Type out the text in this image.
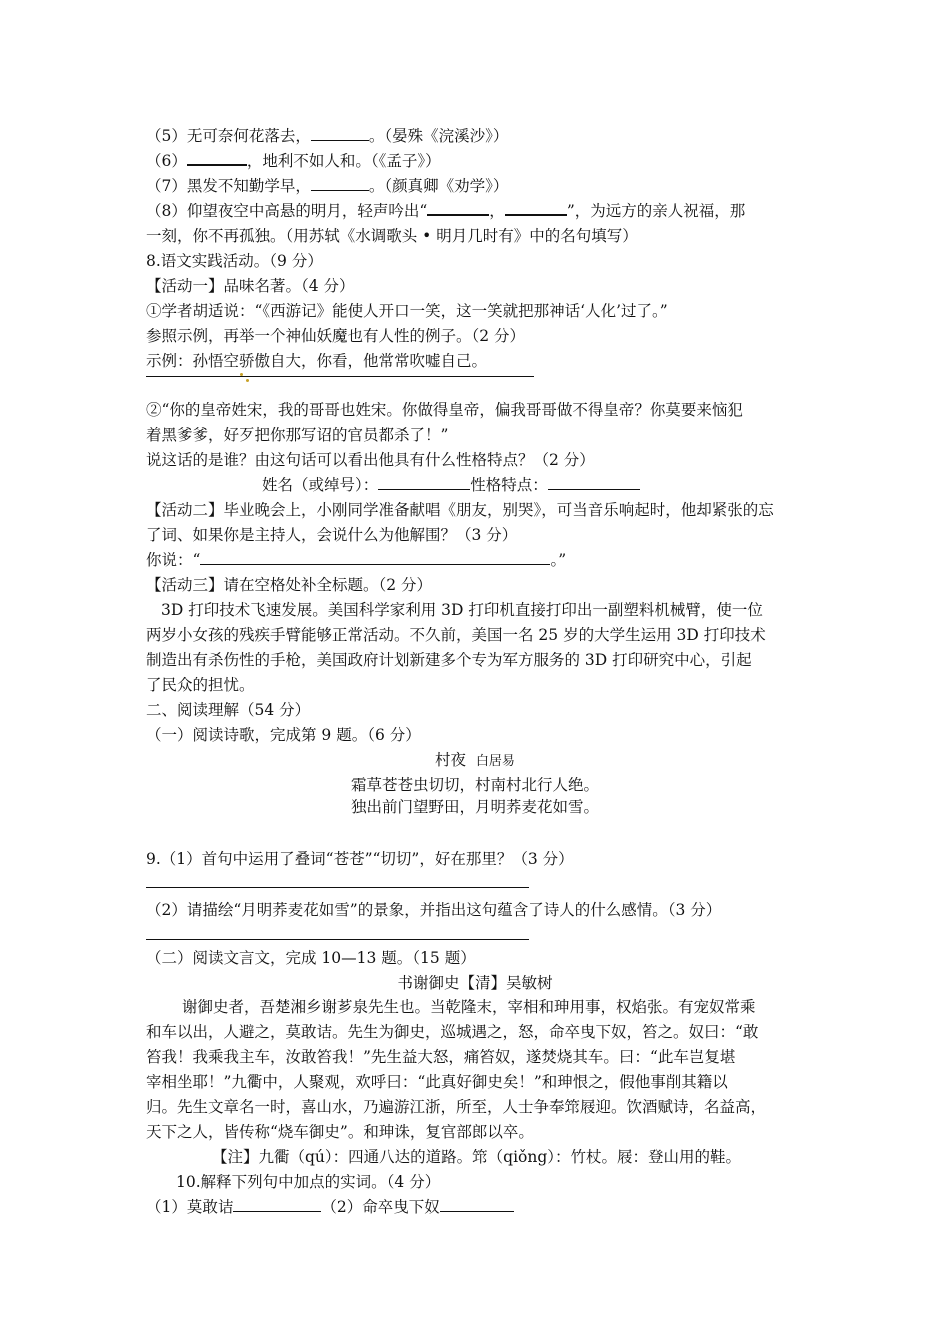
（5）无可奈何花落去，	。（晏殊《浣溪沙》）
（6）	，地利不如人和。（《孟子》）
（7）黑发不知勤学早，	。（颜真卿《劝学》）
（8）仰望夜空中高悬的明月，轻声吟出“	，	”，为远方的亲人祝福，那
一刻，你不再孤独。（用苏轼《水调歌头 • 明月几时有》中的名句填写）
8.语文实践活动。（9 分）
【活动一】品味名著。（4 分）
①学者胡适说：“《西游记》能使人开口一笑，这一笑就把那神话‘人化’过了。”
参照示例，再举一个神仙妖魔也有人性的例子。（2 分）
示例：孙悟空骄傲自大，你看，他常常吹嘘自己。
②“你的皇帝姓宋，我的哥哥也姓宋。你做得皇帝，偏我哥哥做不得皇帝？你莫要来恼犯
着黑爹爹，好歹把你那写诏的官员都杀了！”
说这话的是谁？由这句话可以看出他具有什么性格特点？（2 分）
姓名（或绰号）：	性格特点：
【活动二】毕业晚会上，小刚同学准备献唱《朋友，别哭》，可当音乐响起时，他却紧张的忘
了词、如果你是主持人，会说什么为他解围？（3 分）
你说：“	。”
【活动三】请在空格处补全标题。（2 分）
3D 打印技术飞速发展。美国科学家利用 3D 打印机直接打印出一副塑料机械臂，使一位
两岁小女孩的残疾手臂能够正常活动。不久前，美国一名 25 岁的大学生运用 3D 打印技术
制造出有杀伤性的手枪，美国政府计划新建多个专为军方服务的 3D 打印研究中心，引起
了民众的担忧。
二、阅读理解（54 分）
（一）阅读诗歌，完成第 9 题。（6 分）
村夜 白居易
霜草苍苍虫切切，村南村北行人绝。
独出前门望野田，月明荞麦花如雪。
9.（1）首句中运用了叠词“苍苍”“切切”，好在那里？（3 分）
（2）请描绘“月明荞麦花如雪”的景象，并指出这句蕴含了诗人的什么感情。（3 分）
（二）阅读文言文，完成 10—13 题。（15 题）
书谢御史【清】吴敏树
谢御史者，吾楚湘乡谢芗泉先生也。当乾隆末，宰相和珅用事，权焰张。有宠奴常乘
和车以出，人避之，莫敢诘。先生为御史，巡城遇之，怒，命卒曳下奴，笞之。奴曰：“敢
笞我！我乘我主车，汝敢笞我！”先生益大怒，痛笞奴，遂焚烧其车。曰：“此车岂复堪
宰相坐耶！”九衢中，人聚观，欢呼曰：“此真好御史矣！”和珅恨之，假他事削其籍以
归。先生文章名一时，喜山水，乃遍游江浙，所至，人士争奉筇屐迎。饮酒赋诗，名益高，
天下之人，皆传称“烧车御史”。和珅诛，复官部郎以卒。
【注】九衢（qú）：四通八达的道路。筇（qiǒng）：竹杖。屐：登山用的鞋。
10.解释下列句中加点的实词。（4 分）
（1）莫敢诘	（2）命卒曳下奴
